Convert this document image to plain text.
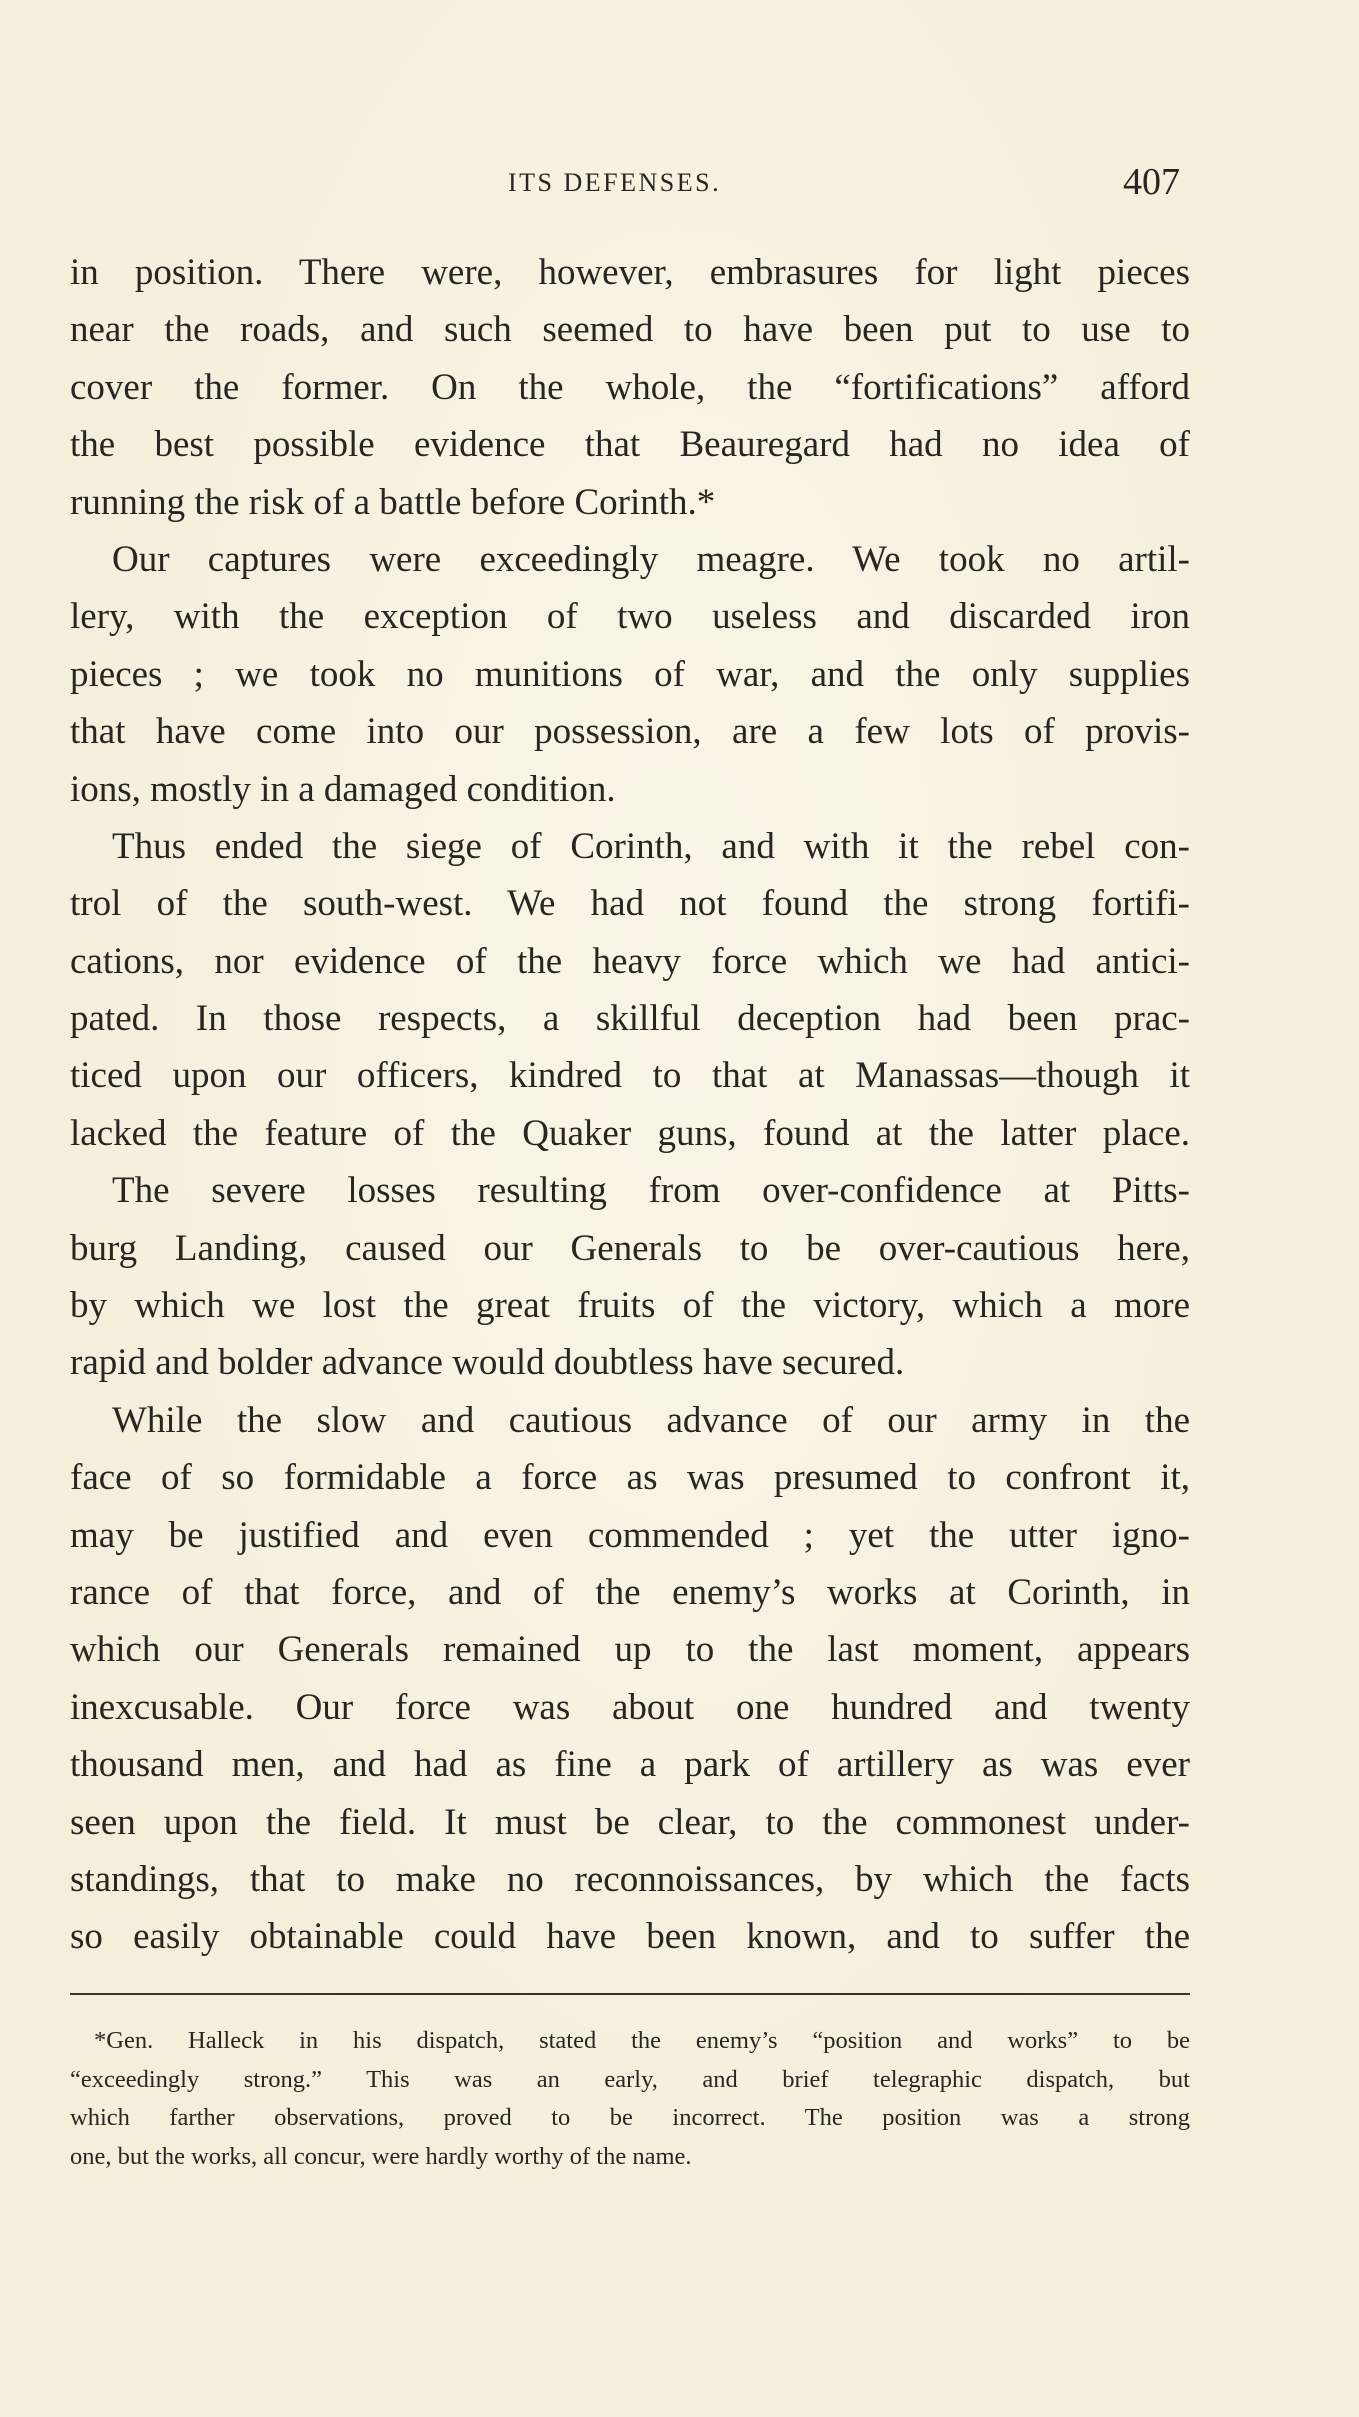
ITS DEFENSES.	407
in position. There were, however, embrasures for light pieces
near the roads, and such seemed to have been put to use to
cover the former. On the whole, the “fortifications” afford
the best possible evidence that Beauregard had no idea of
running the risk of a battle before Corinth.*
Our captures were exceedingly meagre. We took no artil-
lery, with the exception of two useless and discarded iron
pieces ; we took no munitions of war, and the only supplies
that have come into our possession, are a few lots of provis-
ions, mostly in a damaged condition.
Thus ended the siege of Corinth, and with it the rebel con-
trol of the south-west. We had not found the strong fortifi-
cations, nor evidence of the heavy force which we had antici-
pated. In those respects, a skillful deception had been prac-
ticed upon our officers, kindred to that at Manassas—though it
lacked the feature of the Quaker guns, found at the latter place.
The severe losses resulting from over-confidence at Pitts-
burg Landing, caused our Generals to be over-cautious here,
by which we lost the great fruits of the victory, which a more
rapid and bolder advance would doubtless have secured.
While the slow and cautious advance of our army in the
face of so formidable a force as was presumed to confront it,
may be justified and even commended ; yet the utter igno-
rance of that force, and of the enemy’s works at Corinth, in
which our Generals remained up to the last moment, appears
inexcusable. Our force was about one hundred and twenty
thousand men, and had as fine a park of artillery as was ever
seen upon the field. It must be clear, to the commonest under-
standings, that to make no reconnoissances, by which the facts
so easily obtainable could have been known, and to suffer the
*Gen. Halleck in his dispatch, stated the enemy’s “position and works” to be
“exceedingly strong.” This was an early, and brief telegraphic dispatch, but
which farther observations, proved to be incorrect. The position was a strong
one, but the works, all concur, were hardly worthy of the name.
